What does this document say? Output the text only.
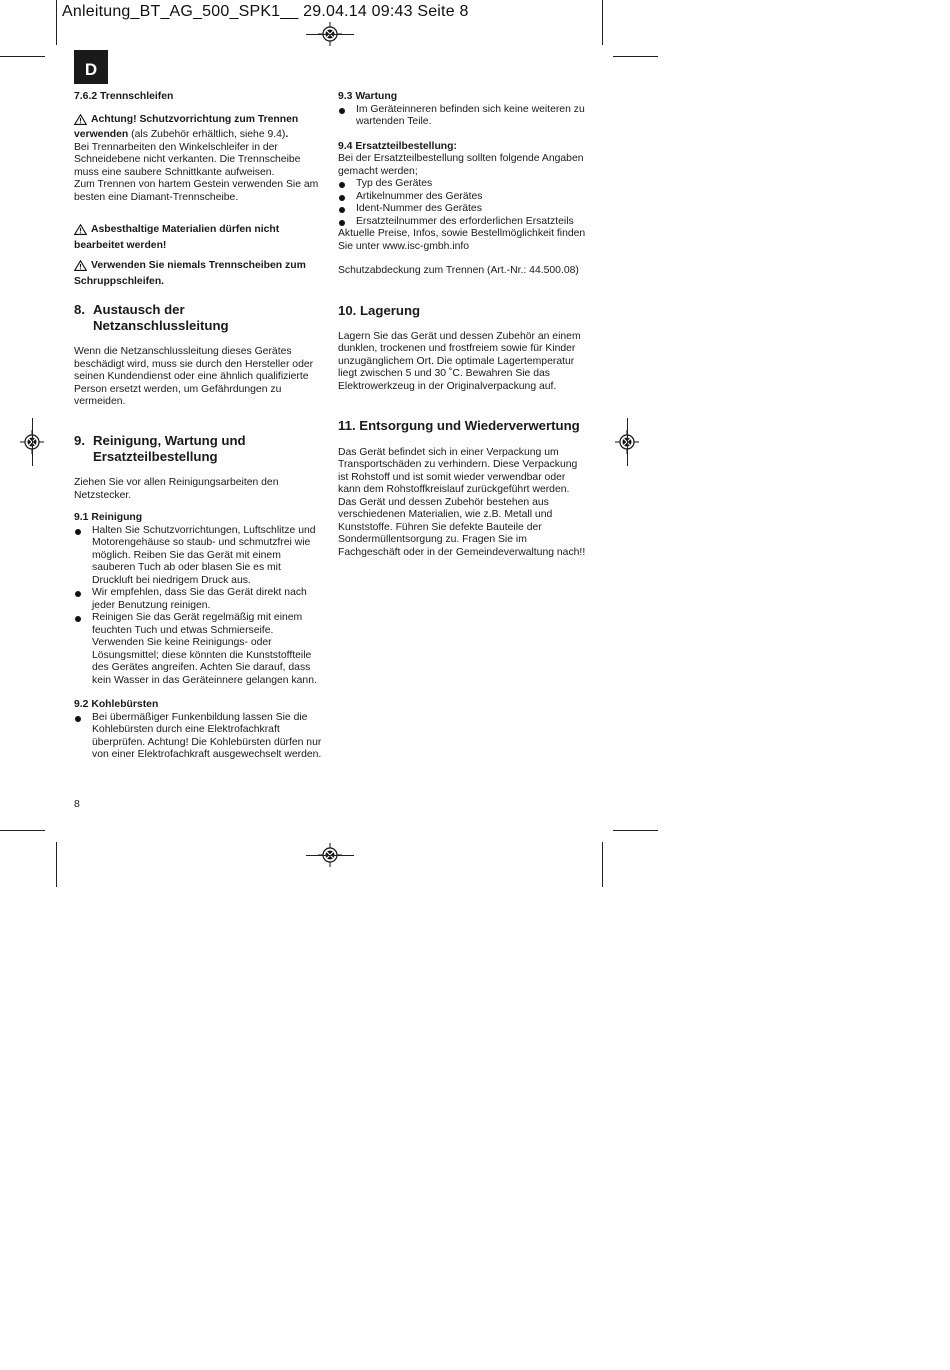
Anleitung_BT_AG_500_SPK1__ 29.04.14 09:43 Seite 8
D

7.6.2 Trennschleifen

Achtung! Schutzvorrichtung zum Trennen verwenden (als Zubehör erhältlich, siehe 9.4).

Bei Trennarbeiten den Winkelschleifer in der Schneidebene nicht verkanten. Die Trennscheibe muss eine saubere Schnittkante aufweisen.

Zum Trennen von hartem Gestein verwenden Sie am besten eine Diamant-Trennscheibe.

Asbesthaltige Materialien dürfen nicht bearbeitet werden!

Verwenden Sie niemals Trennscheiben zum Schruppschleifen.

8. Austausch der
Netzanschlussleitung

Wenn die Netzanschlussleitung dieses Gerätes beschädigt wird, muss sie durch den Hersteller oder seinen Kundendienst oder eine ähnlich qualifizierte Person ersetzt werden, um Gefährdungen zu vermeiden.

9. Reinigung, Wartung und
Ersatzteilbestellung

Ziehen Sie vor allen Reinigungsarbeiten den Netzstecker.

9.1 Reinigung

Halten Sie Schutzvorrichtungen, Luftschlitze und Motorengehäuse so staub- und schmutzfrei wie möglich. Reiben Sie das Gerät mit einem sauberen Tuch ab oder blasen Sie es mit Druckluft bei niedrigem Druck aus.
Wir empfehlen, dass Sie das Gerät direkt nach jeder Benutzung reinigen.
Reinigen Sie das Gerät regelmäßig mit einem feuchten Tuch und etwas Schmierseife. Verwenden Sie keine Reinigungs- oder Lösungsmittel; diese könnten die Kunststoffteile des Gerätes angreifen. Achten Sie darauf, dass kein Wasser in das Geräteinnere gelangen kann.

9.2 Kohlebürsten

Bei übermäßiger Funkenbildung lassen Sie die Kohlebürsten durch eine Elektrofachkraft überprüfen. Achtung! Die Kohlebürsten dürfen nur von einer Elektrofachkraft ausgewechselt werden.

9.3 Wartung

Im Geräteinneren befinden sich keine weiteren zu wartenden Teile.

9.4 Ersatzteilbestellung:

Bei der Ersatzteilbestellung sollten folgende Angaben gemacht werden;

Typ des Gerätes
Artikelnummer des Gerätes
Ident-Nummer des Gerätes
Ersatzteilnummer des erforderlichen Ersatzteils

Aktuelle Preise, Infos, sowie Bestellmöglichkeit finden Sie unter www.isc-gmbh.info

Schutzabdeckung zum Trennen (Art.-Nr.: 44.500.08)

10. Lagerung

Lagern Sie das Gerät und dessen Zubehör an einem dunklen, trockenen und frostfreiem sowie für Kinder unzugänglichem Ort. Die optimale Lagertemperatur liegt zwischen 5 und 30 ˚C. Bewahren Sie das Elektrowerkzeug in der Originalverpackung auf.

11. Entsorgung und Wiederverwertung

Das Gerät befindet sich in einer Verpackung um Transportschäden zu verhindern. Diese Verpackung ist Rohstoff und ist somit wieder verwendbar oder kann dem Rohstoffkreislauf zurückgeführt werden. Das Gerät und dessen Zubehör bestehen aus verschiedenen Materialien, wie z.B. Metall und Kunststoffe. Führen Sie defekte Bauteile der Sondermüllentsorgung zu. Fragen Sie im Fachgeschäft oder in der Gemeindeverwaltung nach!!

8
